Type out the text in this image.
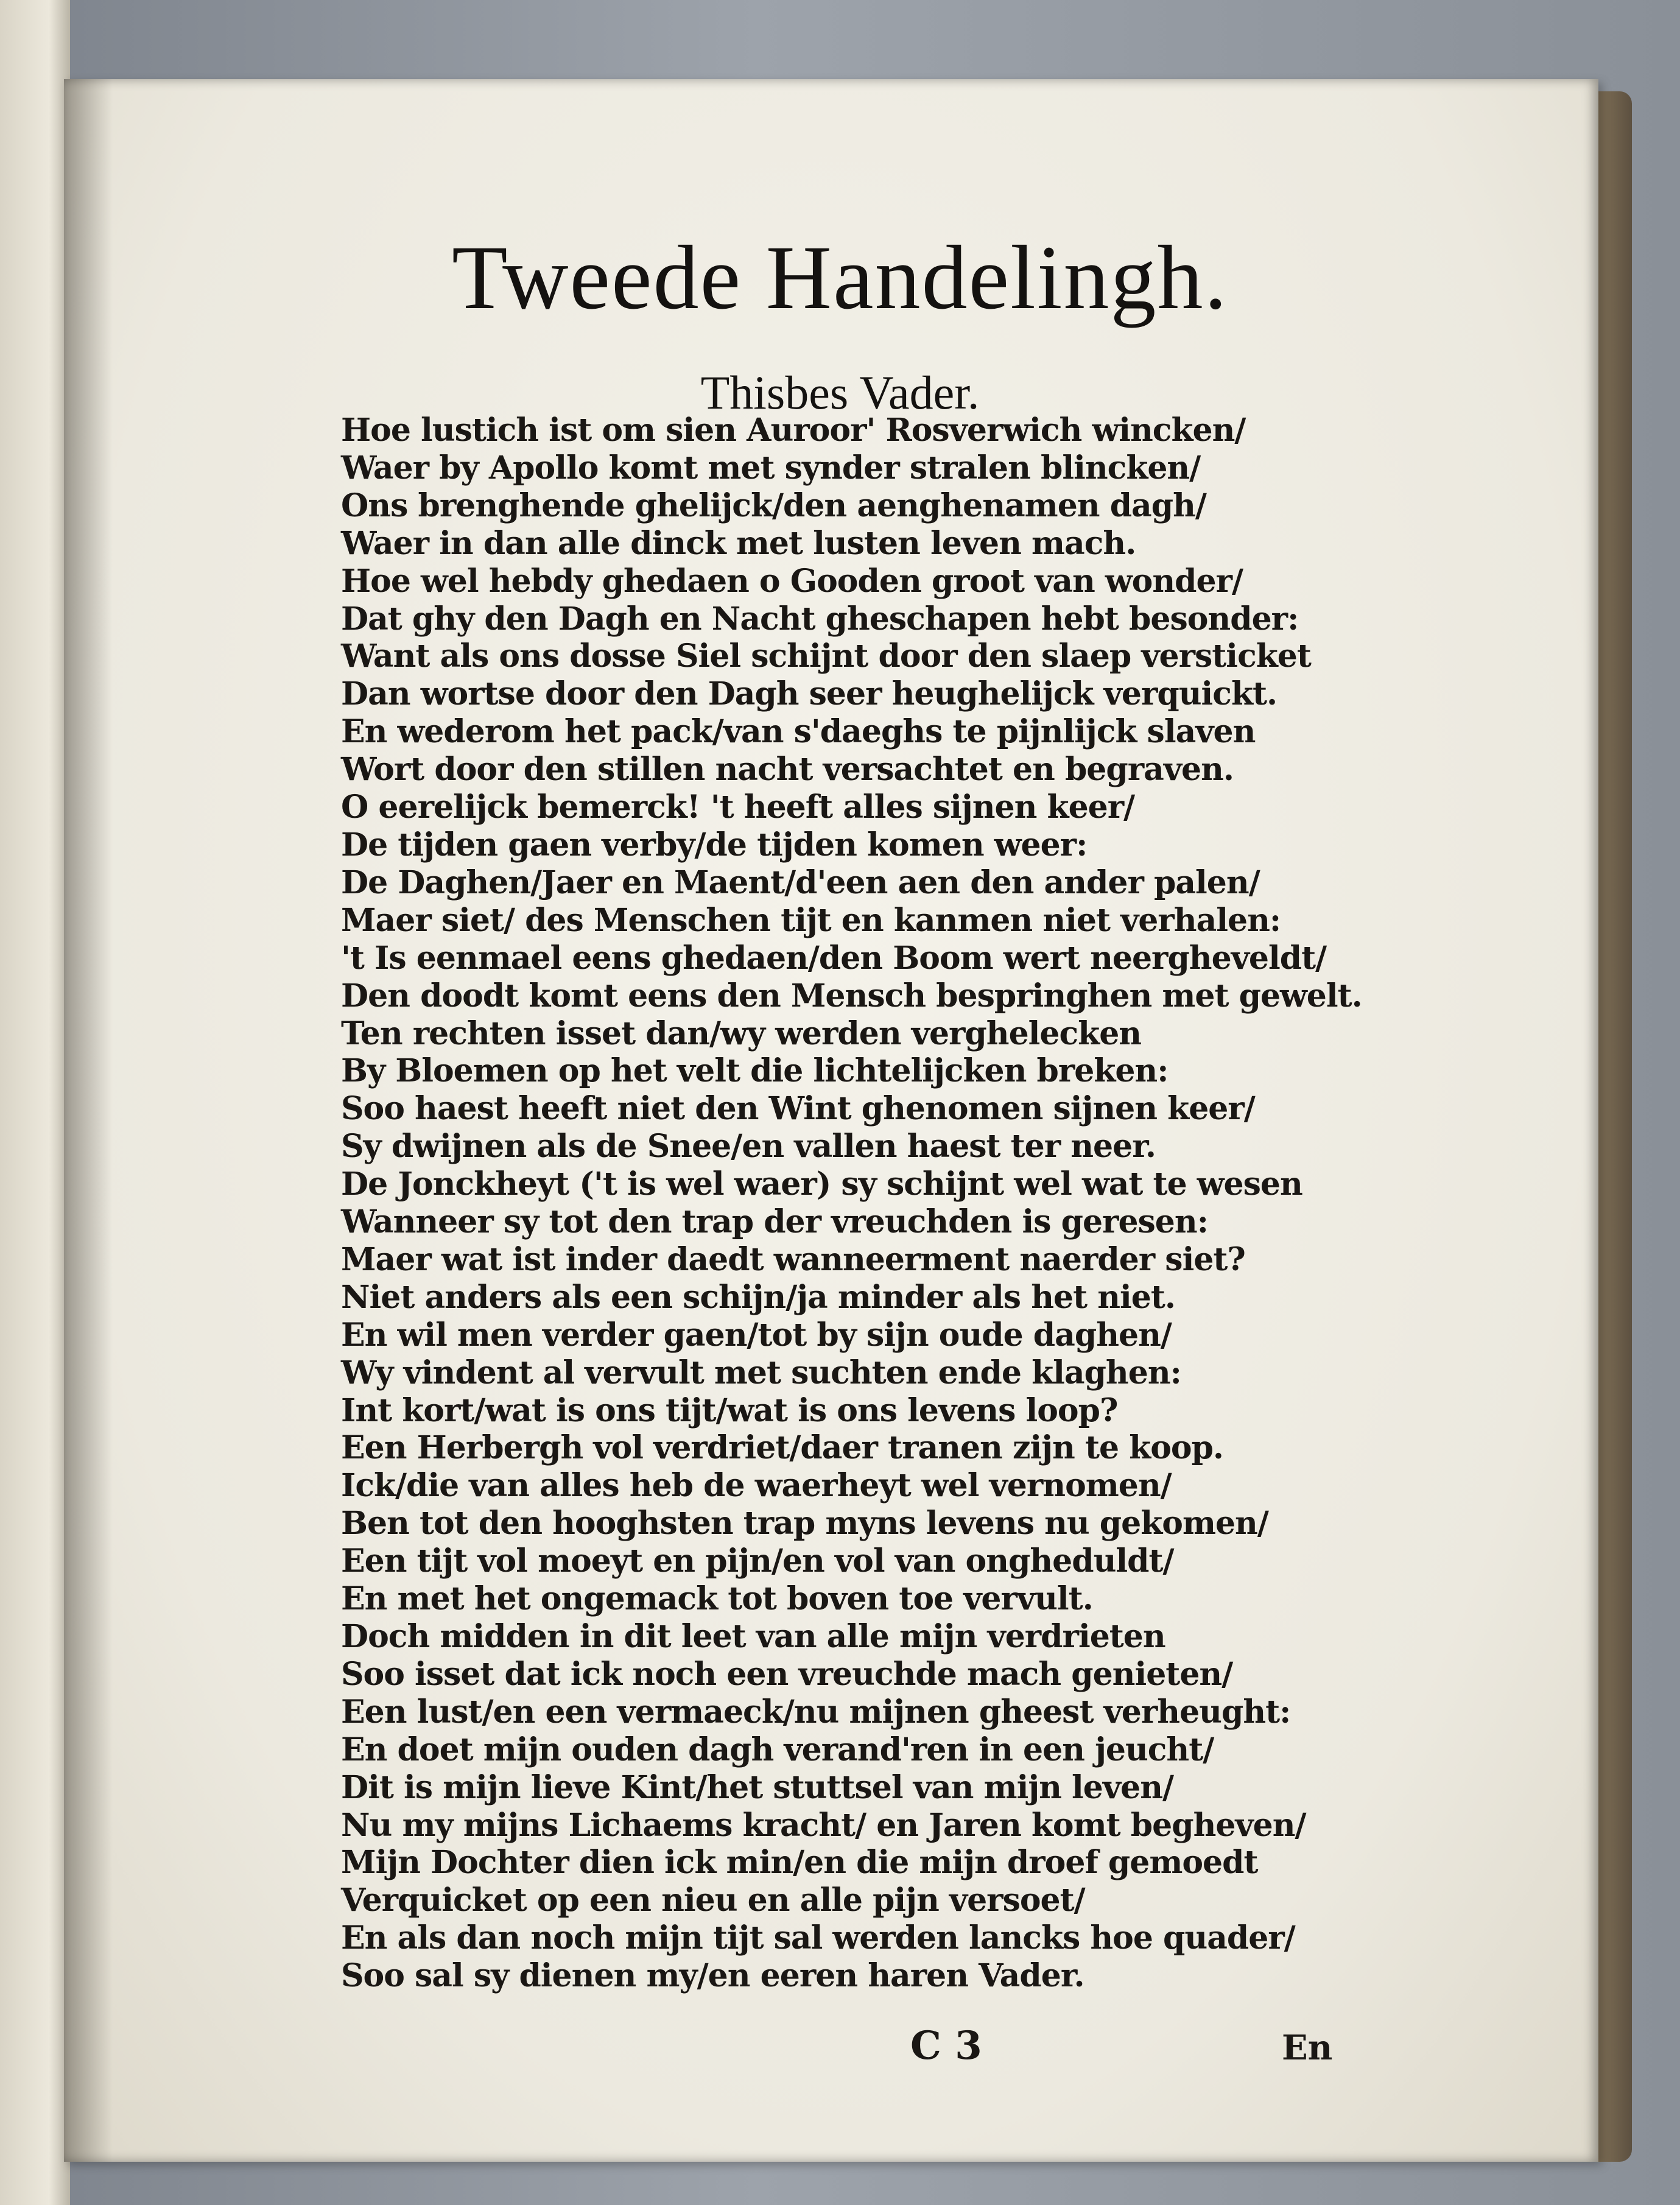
Tweede Handelingh.
Thisbes Vader.
Hoe lustich ist om sien Auroor' Rosverwich wincken/
Waer by Apollo komt met synder stralen blincken/
Ons brenghende ghelijck/den aenghenamen dagh/
Waer in dan alle dinck met lusten leven mach.
Hoe wel hebdy ghedaen o Gooden groot van wonder/
Dat ghy den Dagh en Nacht gheschapen hebt besonder:
Want als ons dosse Siel schijnt door den slaep versticket
Dan wortse door den Dagh seer heughelijck verquickt.
En wederom het pack/van s'daeghs te pijnlijck slaven
Wort door den stillen nacht versachtet en begraven.
O eerelijck bemerck! 't heeft alles sijnen keer/
De tijden gaen verby/de tijden komen weer:
De Daghen/Jaer en Maent/d'een aen den ander palen/
Maer siet/ des Menschen tijt en kanmen niet verhalen:
't Is eenmael eens ghedaen/den Boom wert neergheveldt/
Den doodt komt eens den Mensch bespringhen met gewelt.
Ten rechten isset dan/wy werden verghelecken
By Bloemen op het velt die lichtelijcken breken:
Soo haest heeft niet den Wint ghenomen sijnen keer/
Sy dwijnen als de Snee/en vallen haest ter neer.
De Jonckheyt ('t is wel waer) sy schijnt wel wat te wesen
Wanneer sy tot den trap der vreuchden is geresen:
Maer wat ist inder daedt wanneerment naerder siet?
Niet anders als een schijn/ja minder als het niet.
En wil men verder gaen/tot by sijn oude daghen/
Wy vindent al vervult met suchten ende klaghen:
Int kort/wat is ons tijt/wat is ons levens loop?
Een Herbergh vol verdriet/daer tranen zijn te koop.
Ick/die van alles heb de waerheyt wel vernomen/
Ben tot den hooghsten trap myns levens nu gekomen/
Een tijt vol moeyt en pijn/en vol van ongheduldt/
En met het ongemack tot boven toe vervult.
Doch midden in dit leet van alle mijn verdrieten
Soo isset dat ick noch een vreuchde mach genieten/
Een lust/en een vermaeck/nu mijnen gheest verheught:
En doet mijn ouden dagh verand'ren in een jeucht/
Dit is mijn lieve Kint/het stuttsel van mijn leven/
Nu my mijns Lichaems kracht/ en Jaren komt begheven/
Mijn Dochter dien ick min/en die mijn droef gemoedt
Verquicket op een nieu en alle pijn versoet/
En als dan noch mijn tijt sal werden lancks hoe quader/
Soo sal sy dienen my/en eeren haren Vader.
C 3	En
